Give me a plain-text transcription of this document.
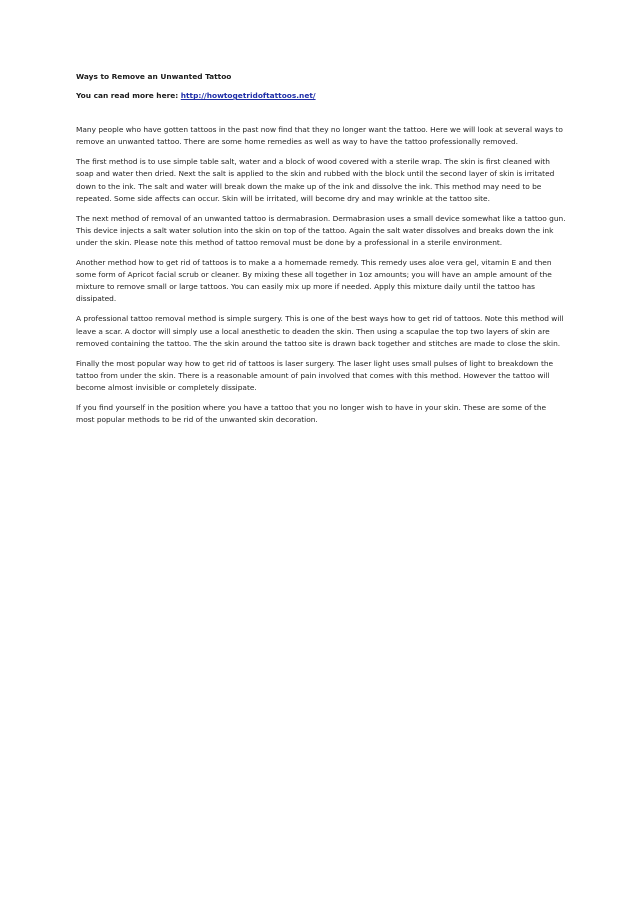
Ways to Remove an Unwanted Tattoo
You can read more here: http://howtogetridoftattoos.net/

Many people who have gotten tattoos in the past now find that they no longer want the tattoo. Here we will look at several ways to remove an unwanted tattoo. There are some home remedies as well as way to have the tattoo professionally removed.

The first method is to use simple table salt, water and a block of wood covered with a sterile wrap. The skin is first cleaned with soap and water then dried. Next the salt is applied to the skin and rubbed with the block until the second layer of skin is irritated down to the ink. The salt and water will break down the make up of the ink and dissolve the ink. This method may need to be repeated. Some side affects can occur. Skin will be irritated, will become dry and may wrinkle at the tattoo site.

The next method of removal of an unwanted tattoo is dermabrasion. Dermabrasion uses a small device somewhat like a tattoo gun. This device injects a salt water solution into the skin on top of the tattoo. Again the salt water dissolves and breaks down the ink under the skin. Please note this method of tattoo removal must be done by a professional in a sterile environment.

Another method how to get rid of tattoos is to make a a homemade remedy. This remedy uses aloe vera gel, vitamin E and then some form of Apricot facial scrub or cleaner. By mixing these all together in 1oz amounts; you will have an ample amount of the mixture to remove small or large tattoos. You can easily mix up more if needed. Apply this mixture daily until the tattoo has dissipated.

A professional tattoo removal method is simple surgery. This is one of the best ways how to get rid of tattoos. Note this method will leave a scar. A doctor will simply use a local anesthetic to deaden the skin. Then using a scapulae the top two layers of skin are removed containing the tattoo. The the skin around the tattoo site is drawn back together and stitches are made to close the skin.

Finally the most popular way how to get rid of tattoos is laser surgery. The laser light uses small pulses of light to breakdown the tattoo from under the skin. There is a reasonable amount of pain involved that comes with this method. However the tattoo will become almost invisible or completely dissipate.

If you find yourself in the position where you have a tattoo that you no longer wish to have in your skin. These are some of the most popular methods to be rid of the unwanted skin decoration.
